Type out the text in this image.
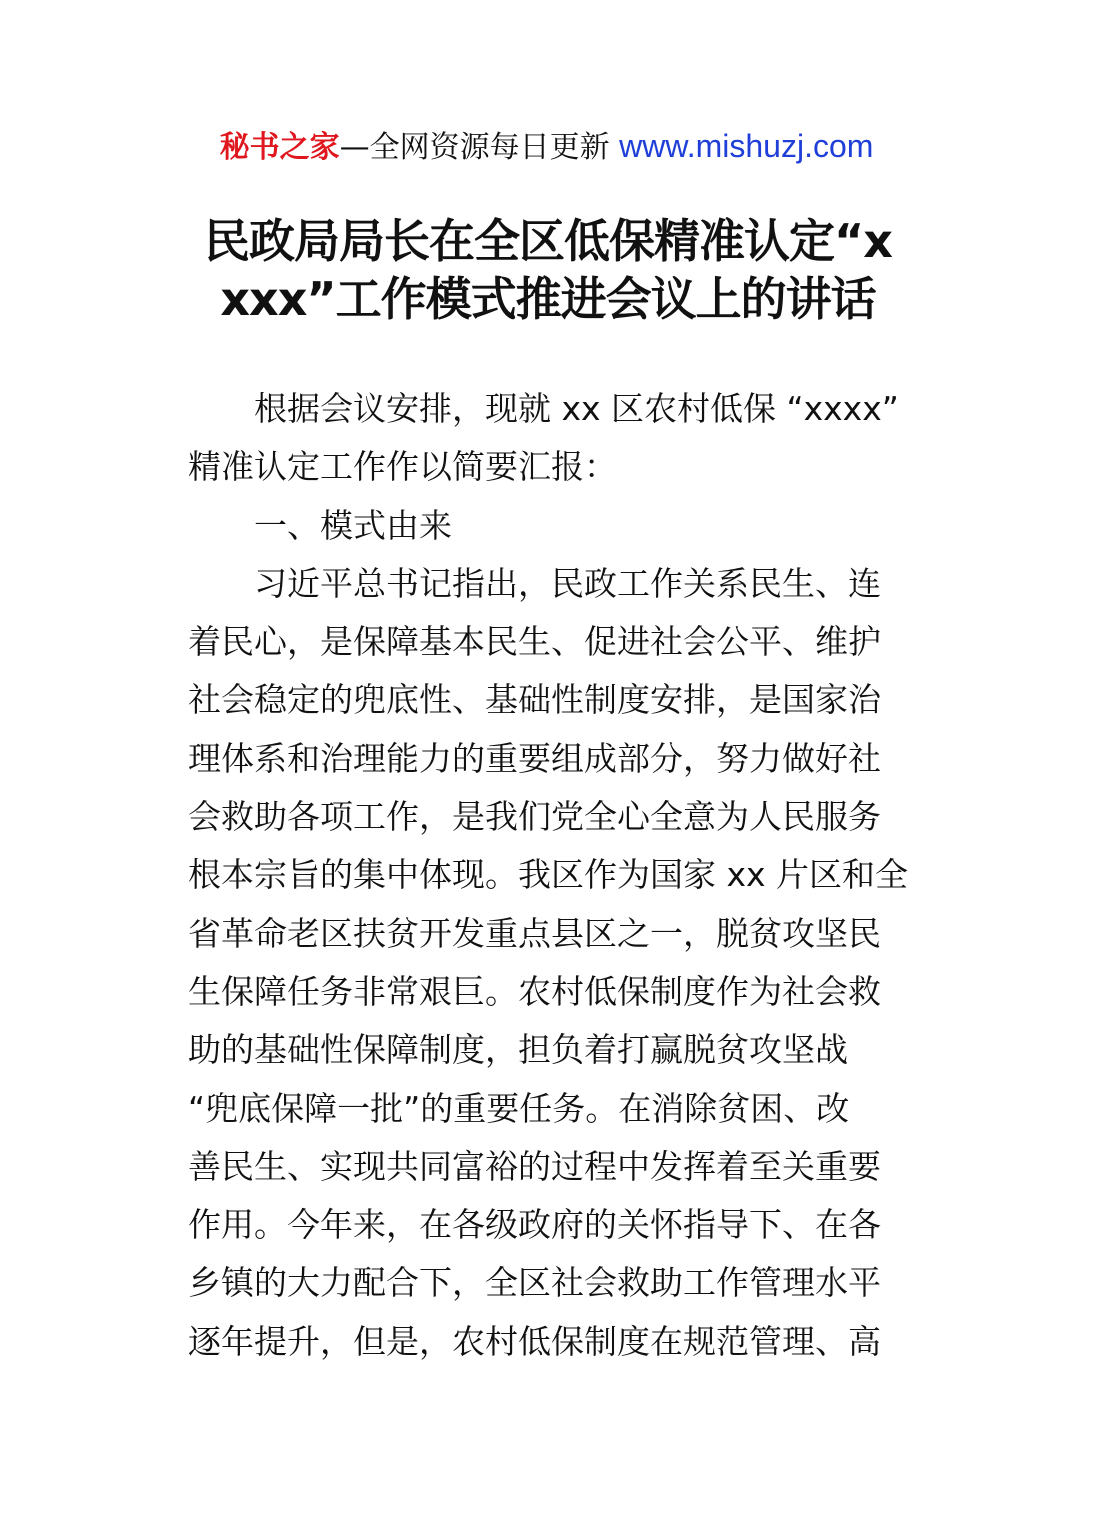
秘书之家—全网资源每日更新 www.mishuzj.com
民政局局长在全区低保精准认定“x
xxx”工作模式推进会议上的讲话

根据会议安排，现就 xx 区农村低保 “xxxx”
精准认定工作作以简要汇报：

一、模式由来

习近平总书记指出，民政工作关系民生、连
着民心，是保障基本民生、促进社会公平、维护
社会稳定的兜底性、基础性制度安排，是国家治
理体系和治理能力的重要组成部分，努力做好社
会救助各项工作，是我们党全心全意为人民服务
根本宗旨的集中体现。我区作为国家 xx 片区和全
省革命老区扶贫开发重点县区之一，脱贫攻坚民
生保障任务非常艰巨。农村低保制度作为社会救
助的基础性保障制度，担负着打赢脱贫攻坚战
“兜底保障一批”的重要任务。在消除贫困、改
善民生、实现共同富裕的过程中发挥着至关重要
作用。今年来，在各级政府的关怀指导下、在各
乡镇的大力配合下，全区社会救助工作管理水平
逐年提升，但是，农村低保制度在规范管理、高
